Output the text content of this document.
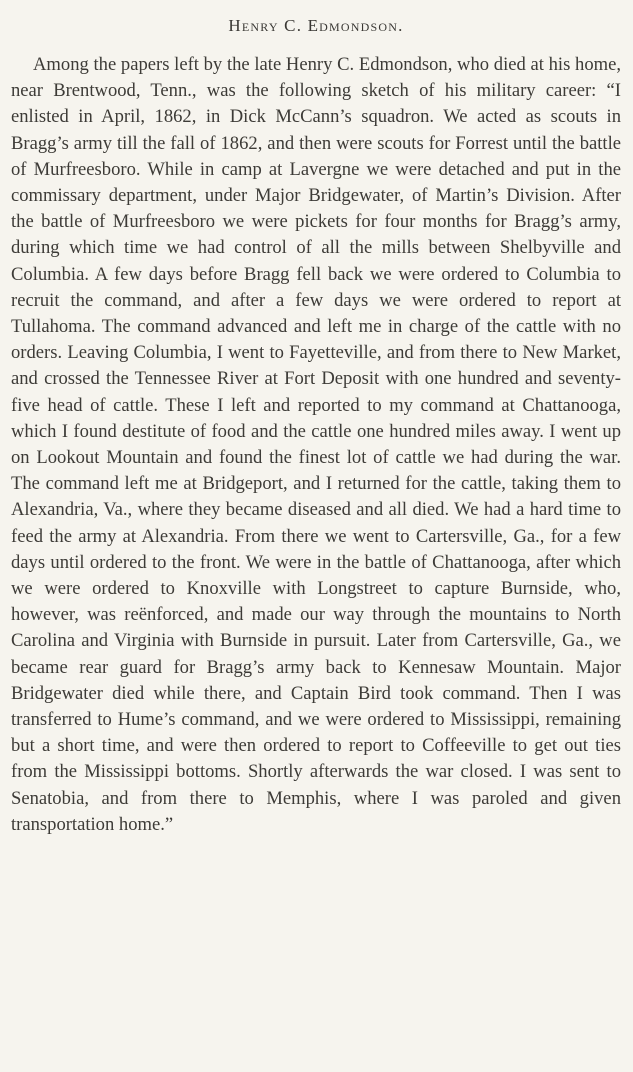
Henry C. Edmondson.

Among the papers left by the late Henry C. Edmondson, who died at his home, near Brentwood, Tenn., was the following sketch of his military career: “I enlisted in April, 1862, in Dick McCann’s squadron. We acted as scouts in Bragg’s army till the fall of 1862, and then were scouts for Forrest until the battle of Murfreesboro. While in camp at Lavergne we were detached and put in the commissary department, under Major Bridgewater, of Martin’s Division. After the battle of Murfreesboro we were pickets for four months for Bragg’s army, during which time we had control of all the mills between Shelbyville and Columbia. A few days before Bragg fell back we were ordered to Columbia to recruit the command, and after a few days we were ordered to report at Tullahoma. The command advanced and left me in charge of the cattle with no orders. Leaving Columbia, I went to Fayetteville, and from there to New Market, and crossed the Tennessee River at Fort Deposit with one hundred and seventy-five head of cattle. These I left and reported to my command at Chattanooga, which I found destitute of food and the cattle one hundred miles away. I went up on Lookout Mountain and found the finest lot of cattle we had during the war. The command left me at Bridgeport, and I returned for the cattle, taking them to Alexandria, Va., where they became diseased and all died. We had a hard time to feed the army at Alexandria. From there we went to Cartersville, Ga., for a few days until ordered to the front. We were in the battle of Chattanooga, after which we were ordered to Knoxville with Longstreet to capture Burnside, who, however, was reënforced, and made our way through the mountains to North Carolina and Virginia with Burnside in pursuit. Later from Cartersville, Ga., we became rear guard for Bragg’s army back to Kennesaw Mountain. Major Bridgewater died while there, and Captain Bird took command. Then I was transferred to Hume’s command, and we were ordered to Mississippi, remaining but a short time, and were then ordered to report to Coffeeville to get out ties from the Mississippi bottoms. Shortly afterwards the war closed. I was sent to Senatobia, and from there to Memphis, where I was paroled and given transportation home.”
